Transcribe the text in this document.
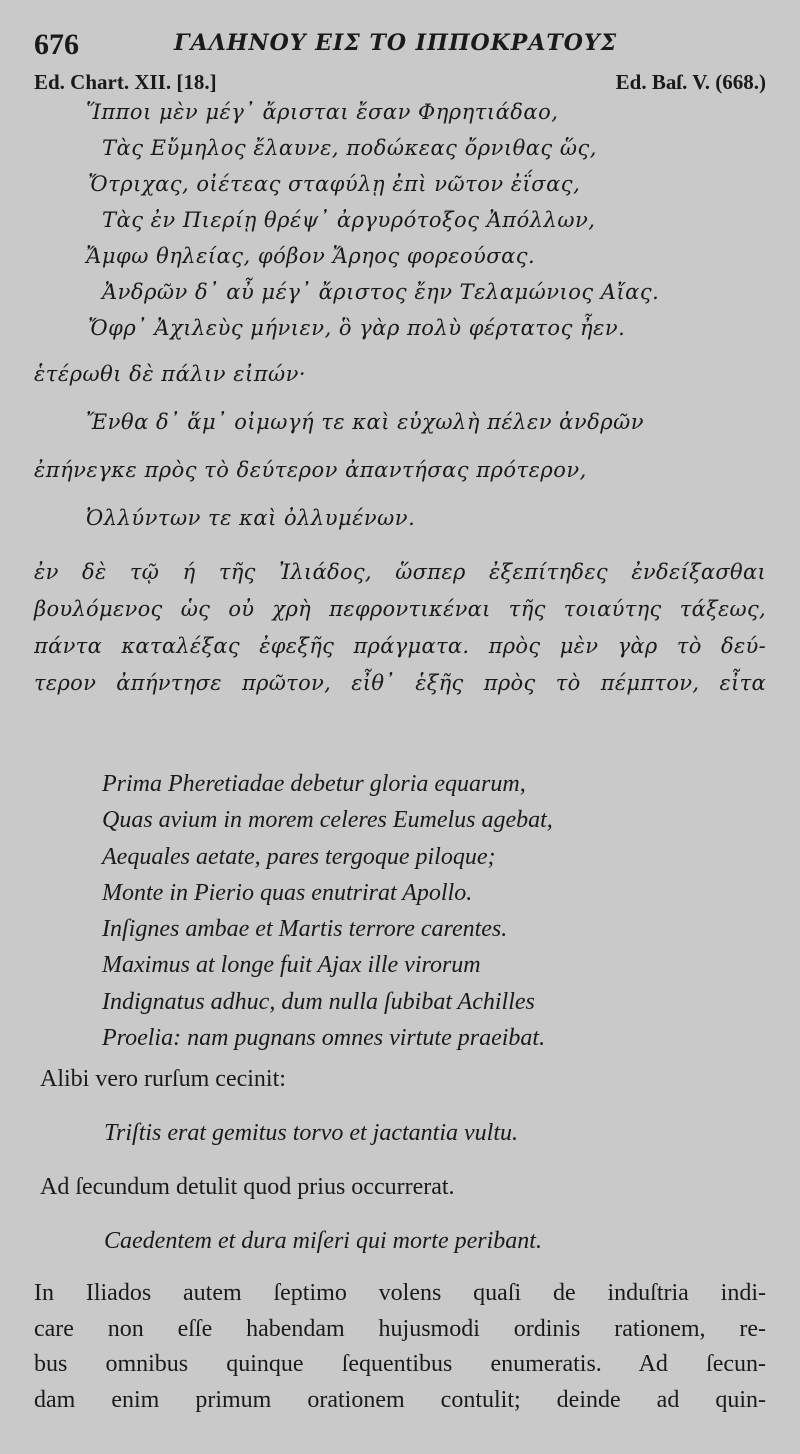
676	ΓΑΛΗΝΟΥ ΕΙΣ ΤΟ ΙΠΠΟΚΡΑΤΟΥΣ
Ed. Chart. XII. [18.]	Ed. Baſ. V. (668.)
Ἵπποι μὲν μέγ᾽ ἄρισται ἔσαν Φηρητιάδαο,
Τὰς Εὔμηλος ἔλαυνε, ποδώκεας ὄρνιθας ὥς,
Ὄτριχας, οἰέτεας σταφύλῃ ἐπὶ νῶτον ἐΐσας,
Τὰς ἐν Πιερίῃ θρέψ᾽ ἀργυρότοξος Ἀπόλλων,
Ἄμφω θηλείας, φόβον Ἄρηος φορεούσας.
Ἀνδρῶν δ᾽ αὖ μέγ᾽ ἄριστος ἔην Τελαμώνιος Αἴας.
Ὄφρ᾽ Ἀχιλεὺς μήνιεν, ὃ γὰρ πολὺ φέρτατος ἦεν.
ἑτέρωθι δὲ πάλιν εἰπών·
Ἔνθα δ᾽ ἅμ᾽ οἰμωγή τε καὶ εὐχωλὴ πέλεν ἀνδρῶν
ἐπήνεγκε πρὸς τὸ δεύτερον ἀπαντήσας πρότερον,
Ὀλλύντων τε καὶ ὀλλυμένων.
ἐν δὲ τῷ ή τῆς Ἰλιάδος, ὥσπερ ἐξεπίτηδες ἐνδείξασθαι
βουλόμενος ὡς οὐ χρὴ πεφροντικέναι τῆς τοιαύτης τάξεως,
πάντα καταλέξας ἐφεξῆς πράγματα. πρὸς μὲν γὰρ τὸ δεύ-
τερον ἀπήντησε πρῶτον, εἶθ᾽ ἑξῆς πρὸς τὸ πέμπτον, εἶτα
Prima Pheretiadae debetur gloria equarum,
Quas avium in morem celeres Eumelus agebat,
Aequales aetate, pares tergoque piloque;
Monte in Pierio quas enutrirat Apollo.
Inſignes ambae et Martis terrore carentes.
Maximus at longe fuit Ajax ille virorum
Indignatus adhuc, dum nulla ſubibat Achilles
Proelia: nam pugnans omnes virtute praeibat.
Alibi vero rurſum cecinit:
Triſtis erat gemitus torvo et jactantia vultu.
Ad ſecundum detulit quod prius occurrerat.
Caedentem et dura miſeri qui morte peribant.
In Iliados autem ſeptimo volens quaſi de induſtria indi-
care non eſſe habendam hujusmodi ordinis rationem, re-
bus omnibus quinque ſequentibus enumeratis. Ad ſecun-
dam enim primum orationem contulit; deinde ad quin-
